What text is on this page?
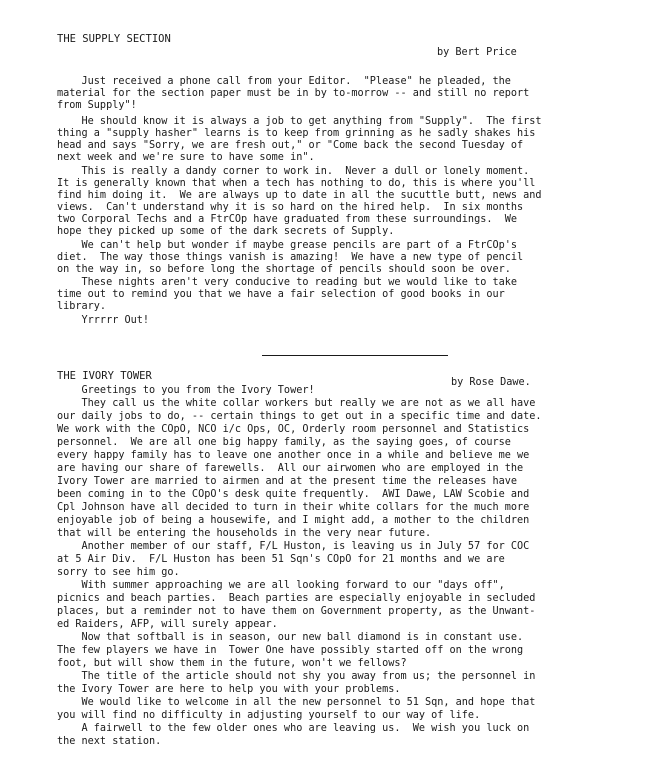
THE SUPPLY SECTION
by Bert Price
Just received a phone call from your Editor.  "Please" he pleaded, the
material for the section paper must be in by to-morrow -- and still no report
from Supply"!
He should know it is always a job to get anything from "Supply".  The first
thing a "supply hasher" learns is to keep from grinning as he sadly shakes his
head and says "Sorry, we are fresh out," or "Come back the second Tuesday of
next week and we're sure to have some in".
This is really a dandy corner to work in.  Never a dull or lonely moment.
It is generally known that when a tech has nothing to do, this is where you'll
find him doing it.  We are always up to date in all the sucuttle butt, news and
views.  Can't understand why it is so hard on the hired help.  In six months
two Corporal Techs and a FtrCOp have graduated from these surroundings.  We
hope they picked up some of the dark secrets of Supply.
We can't help but wonder if maybe grease pencils are part of a FtrCOp's
diet.  The way those things vanish is amazing!  We have a new type of pencil
on the way in, so before long the shortage of pencils should soon be over.
These nights aren't very conducive to reading but we would like to take
time out to remind you that we have a fair selection of good books in our
library.
Yrrrrr Out!
THE IVORY TOWER
by Rose Dawe.
Greetings to you from the Ivory Tower!
They call us the white collar workers but really we are not as we all have
our daily jobs to do, -- certain things to get out in a specific time and date.
We work with the COpO, NCO i/c Ops, OC, Orderly room personnel and Statistics
personnel.  We are all one big happy family, as the saying goes, of course
every happy family has to leave one another once in a while and believe me we
are having our share of farewells.  All our airwomen who are employed in the
Ivory Tower are married to airmen and at the present time the releases have
been coming in to the COpO's desk quite frequently.  AWI Dawe, LAW Scobie and
Cpl Johnson have all decided to turn in their white collars for the much more
enjoyable job of being a housewife, and I might add, a mother to the children
that will be entering the households in the very near future.
Another member of our staff, F/L Huston, is leaving us in July 57 for COC
at 5 Air Div.  F/L Huston has been 51 Sqn's COpO for 21 months and we are
sorry to see him go.
With summer approaching we are all looking forward to our "days off",
picnics and beach parties.  Beach parties are especially enjoyable in secluded
places, but a reminder not to have them on Government property, as the Unwant-
ed Raiders, AFP, will surely appear.
Now that softball is in season, our new ball diamond is in constant use.
The few players we have in  Tower One have possibly started off on the wrong
foot, but will show them in the future, won't we fellows?
The title of the article should not shy you away from us; the personnel in
the Ivory Tower are here to help you with your problems.
We would like to welcome in all the new personnel to 51 Sqn, and hope that
you will find no difficulty in adjusting yourself to our way of life.
A fairwell to the few older ones who are leaving us.  We wish you luck on
the next station.
